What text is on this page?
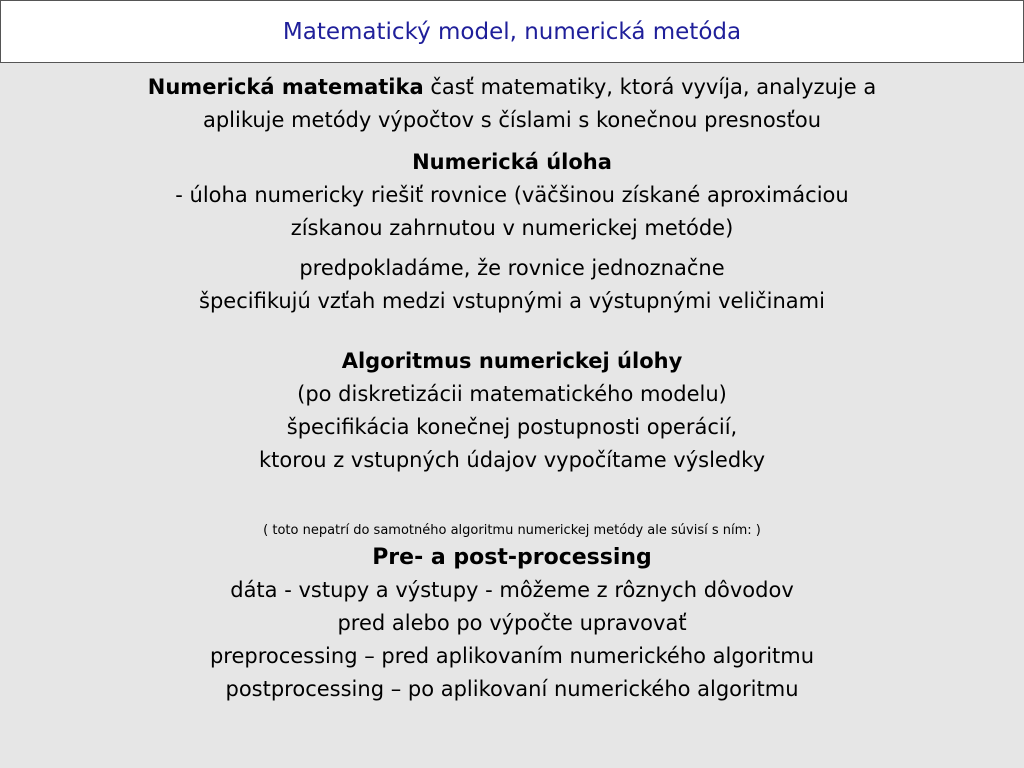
Matematický model, numerická metóda
Numerická matematika časť matematiky, ktorá vyvíja, analyzuje a
aplikuje metódy výpočtov s číslami s konečnou presnosťou
Numerická úloha
- úloha numericky riešiť rovnice (väčšinou získané aproximáciou
získanou zahrnutou v numerickej metóde)
predpokladáme, že rovnice jednoznačne
špecifikujú vzťah medzi vstupnými a výstupnými veličinami
Algoritmus numerickej úlohy
(po diskretizácii matematického modelu)
špecifikácia konečnej postupnosti operácií,
ktorou z vstupných údajov vypočítame výsledky
( toto nepatrí do samotného algoritmu numerickej metódy ale súvisí s ním: )
Pre- a post-processing
dáta - vstupy a výstupy - môžeme z rôznych dôvodov
pred alebo po výpočte upravovať
preprocessing – pred aplikovaním numerického algoritmu
postprocessing – po aplikovaní numerického algoritmu
